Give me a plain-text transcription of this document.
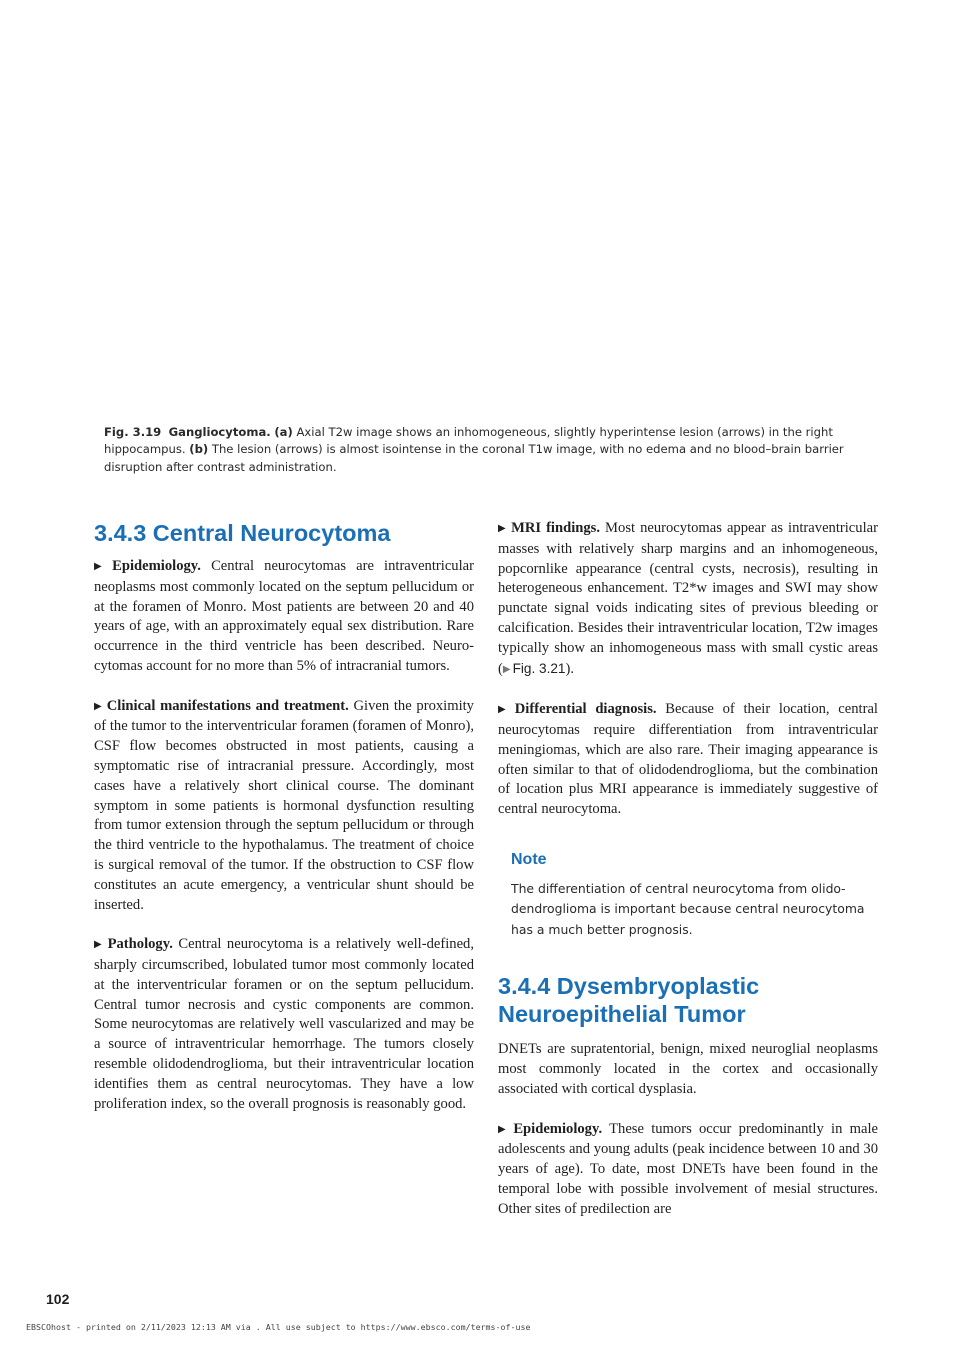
Fig. 3.19 Gangliocytoma. (a) Axial T2w image shows an inhomogeneous, slightly hyperintense lesion (arrows) in the right hippocampus. (b) The lesion (arrows) is almost isointense in the coronal T1w image, with no edema and no blood–brain barrier disruption after contrast administration.
3.4.3 Central Neurocytoma

▶ Epidemiology. Central neurocytomas are intraventricular neoplasms most commonly located on the septum pellucidum or at the foramen of Monro. Most patients are between 20 and 40 years of age, with an approximately equal sex distribution. Rare occurrence in the third ventricle has been described. Neurocytomas account for no more than 5% of intracranial tumors.

▶ Clinical manifestations and treatment. Given the proximity of the tumor to the interventricular foramen (foramen of Monro), CSF flow becomes obstructed in most patients, causing a symptomatic rise of intracranial pressure. Accordingly, most cases have a relatively short clinical course. The dominant symptom in some patients is hormonal dysfunction resulting from tumor extension through the septum pellucidum or through the third ventricle to the hypothalamus. The treatment of choice is surgical removal of the tumor. If the obstruction to CSF flow constitutes an acute emergency, a ventricular shunt should be inserted.

▶ Pathology. Central neurocytoma is a relatively well-defined, sharply circumscribed, lobulated tumor most commonly located at the interventricular foramen or on the septum pellucidum. Central tumor necrosis and cystic components are common. Some neurocytomas are relatively well vascularized and may be a source of intraventricular hemorrhage. The tumors closely resemble olidodendroglioma, but their intraventricular location identifies them as central neurocytomas. They have a low proliferation index, so the overall prognosis is reasonably good.

▶ MRI findings. Most neurocytomas appear as intraventricular masses with relatively sharp margins and an inhomogeneous, popcornlike appearance (central cysts, necrosis), resulting in heterogeneous enhancement. T2*w images and SWI may show punctate signal voids indicating sites of previous bleeding or calcification. Besides their intraventricular location, T2w images typically show an inhomogeneous mass with small cystic areas (▶ Fig. 3.21).

▶ Differential diagnosis. Because of their location, central neurocytomas require differentiation from intraventricular meningiomas, which are also rare. Their imaging appearance is often similar to that of olidodendroglioma, but the combination of location plus MRI appearance is immediately suggestive of central neurocytoma.

Note
The differentiation of central neurocytoma from olidodendroglioma is important because central neurocytoma has a much better prognosis.
3.4.4 Dysembryoplastic
Neuroepithelial Tumor

DNETs are supratentorial, benign, mixed neuroglial neoplasms most commonly located in the cortex and occasionally associated with cortical dysplasia.

▶ Epidemiology. These tumors occur predominantly in male adolescents and young adults (peak incidence between 10 and 30 years of age). To date, most DNETs have been found in the temporal lobe with possible involvement of mesial structures. Other sites of predilection are

102
EBSCOhost - printed on 2/11/2023 12:13 AM via . All use subject to https://www.ebsco.com/terms-of-use
